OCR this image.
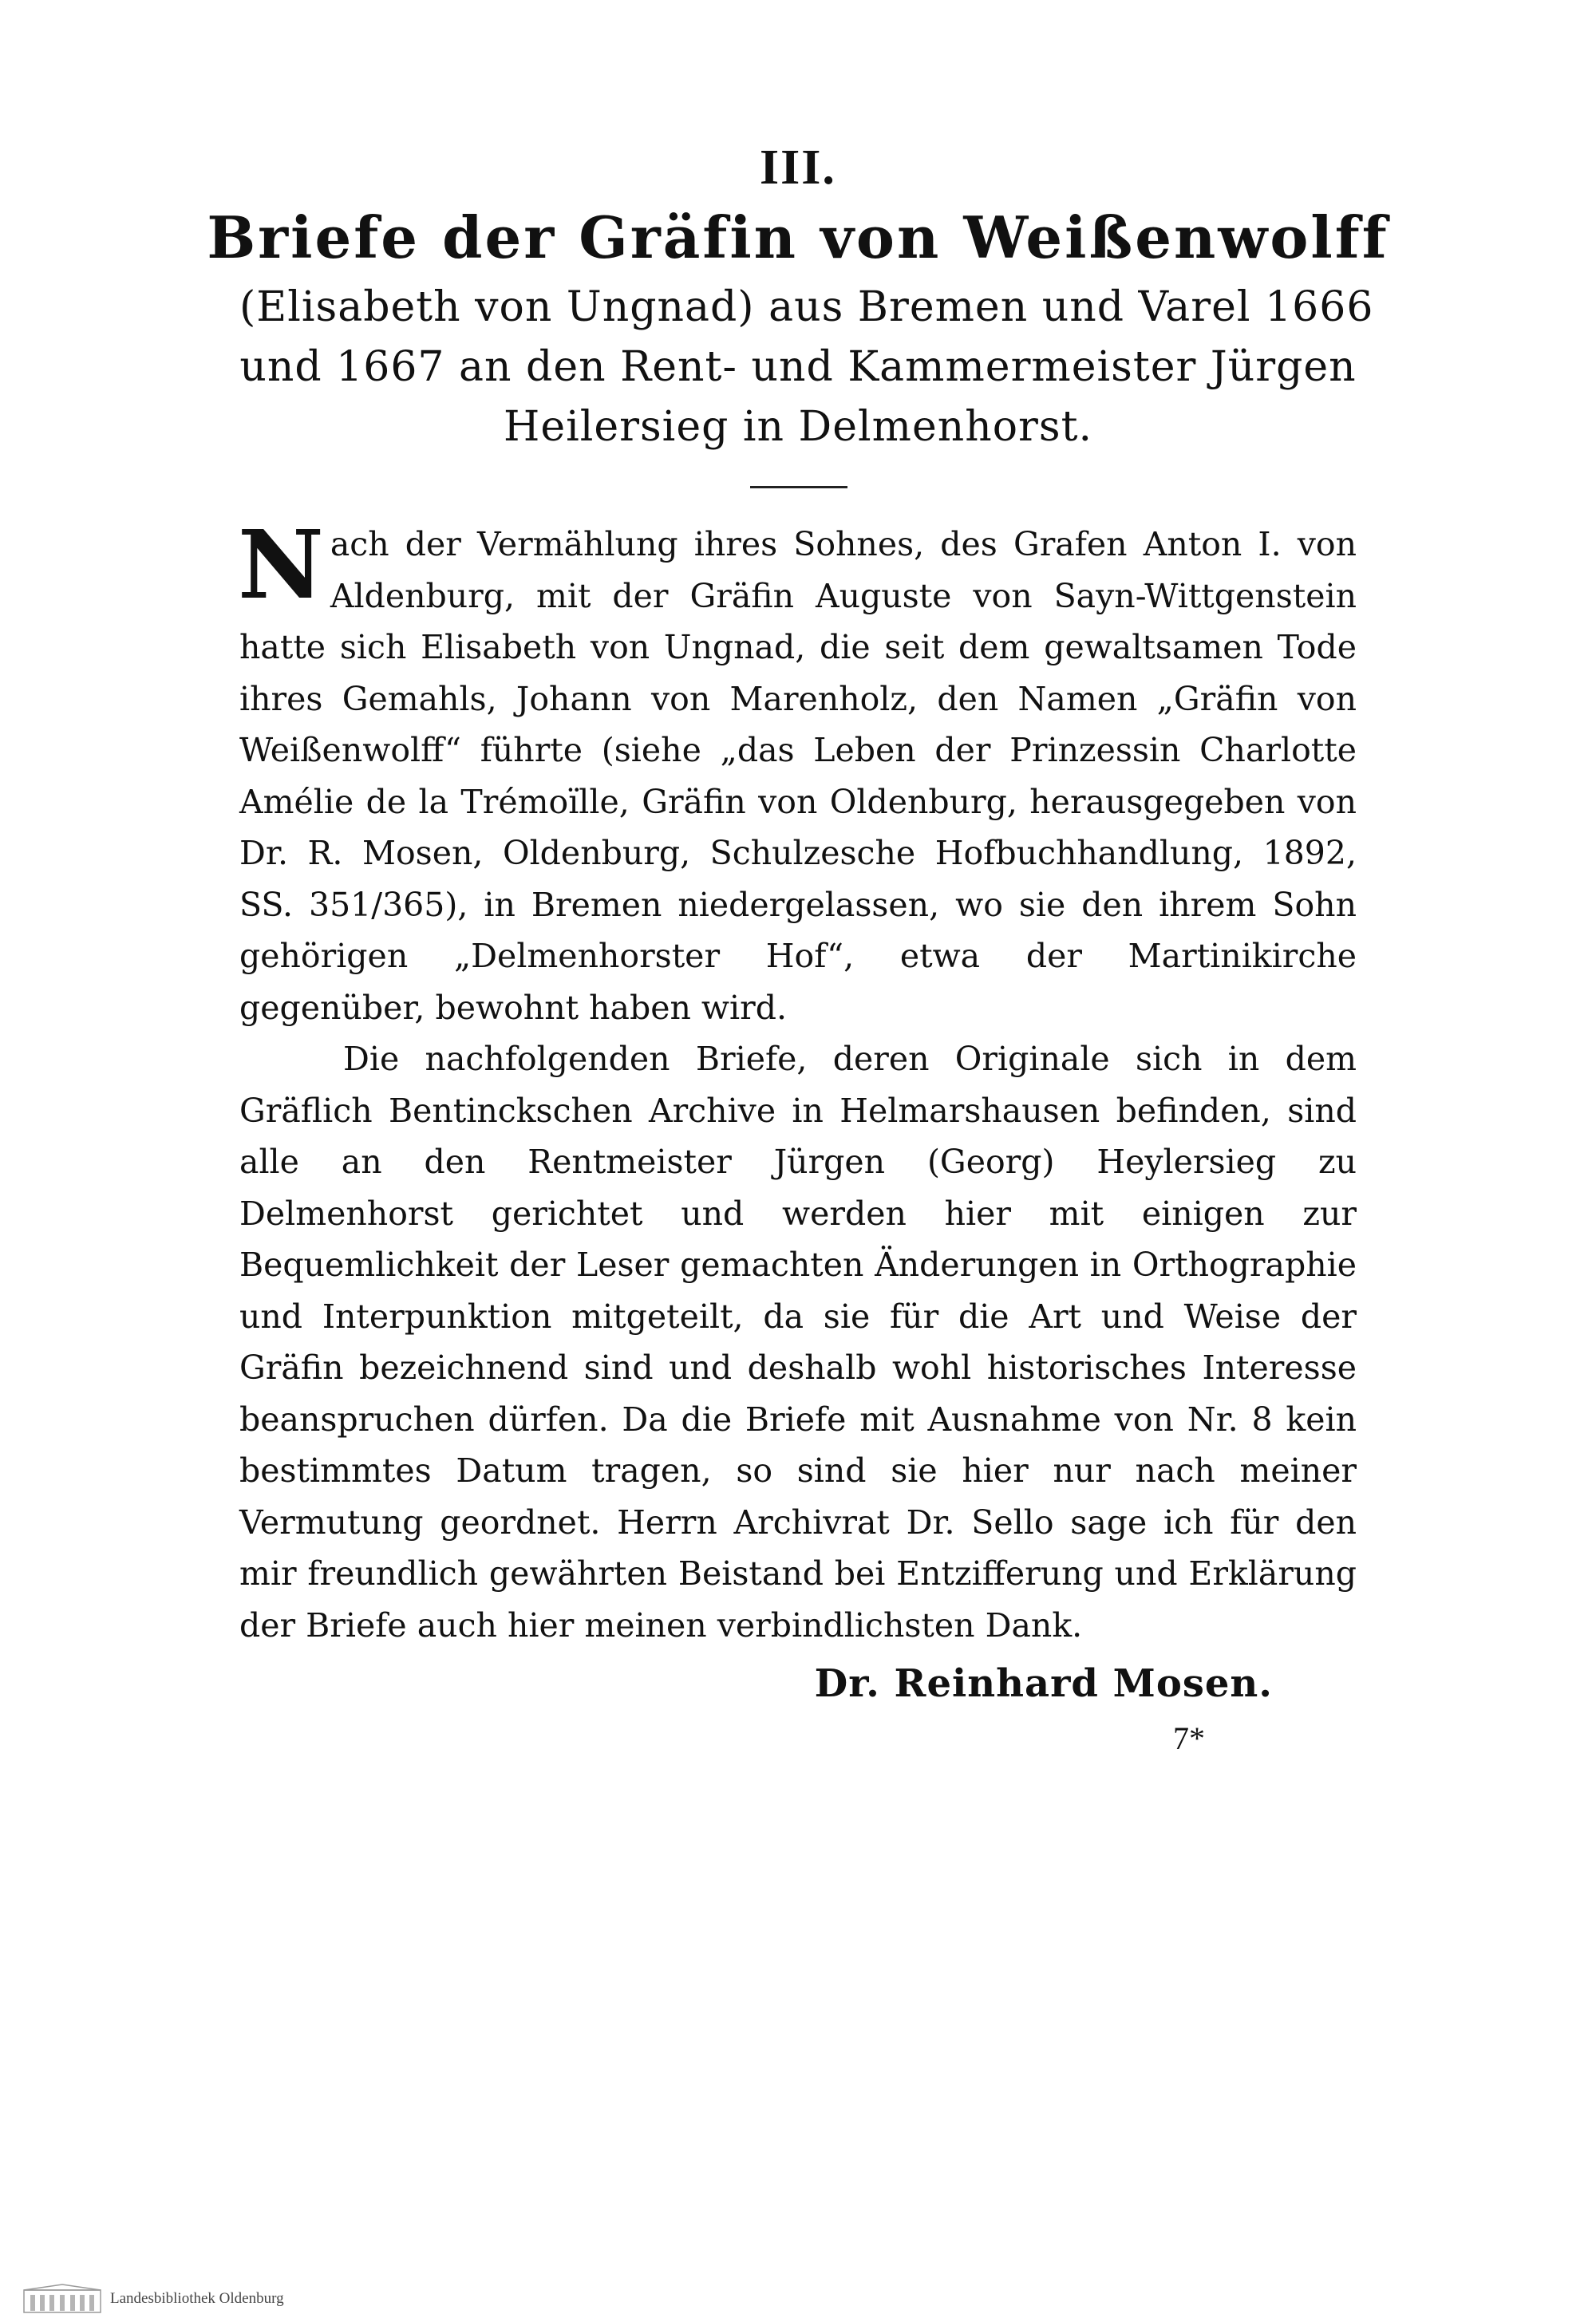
III.
Briefe der Gräfin von Weißenwolff
(Elisabeth von Ungnad) aus Bremen und Varel 1666
und 1667 an den Rent- und Kammermeister Jürgen
Heilersieg in Delmenhorst.

Nach der Vermählung ihres Sohnes, des Grafen Anton I. von Aldenburg, mit der Gräfin Auguste von Sayn-Wittgenstein hatte sich Elisabeth von Ungnad, die seit dem gewaltsamen Tode ihres Gemahls, Johann von Marenholz, den Namen „Gräfin von Weißenwolff“ führte (siehe „das Leben der Prinzessin Charlotte Amélie de la Trémoïlle, Gräfin von Oldenburg, herausgegeben von Dr. R. Mosen, Oldenburg, Schulzesche Hofbuchhandlung, 1892, SS. 351/365), in Bremen niedergelassen, wo sie den ihrem Sohn gehörigen „Delmenhorster Hof“, etwa der Martinikirche gegenüber, bewohnt haben wird.

Die nachfolgenden Briefe, deren Originale sich in dem Gräflich Bentinckschen Archive in Helmarshausen befinden, sind alle an den Rentmeister Jürgen (Georg) Heylersieg zu Delmenhorst gerichtet und werden hier mit einigen zur Bequemlichkeit der Leser gemachten Änderungen in Orthographie und Interpunktion mitgeteilt, da sie für die Art und Weise der Gräfin bezeichnend sind und deshalb wohl historisches Interesse beanspruchen dürfen. Da die Briefe mit Ausnahme von Nr. 8 kein bestimmtes Datum tragen, so sind sie hier nur nach meiner Vermutung geordnet. Herrn Archivrat Dr. Sello sage ich für den mir freundlich gewährten Beistand bei Entzifferung und Erklärung der Briefe auch hier meinen verbindlichsten Dank.

Dr. Reinhard Mosen.
7*
Landesbibliothek Oldenburg
